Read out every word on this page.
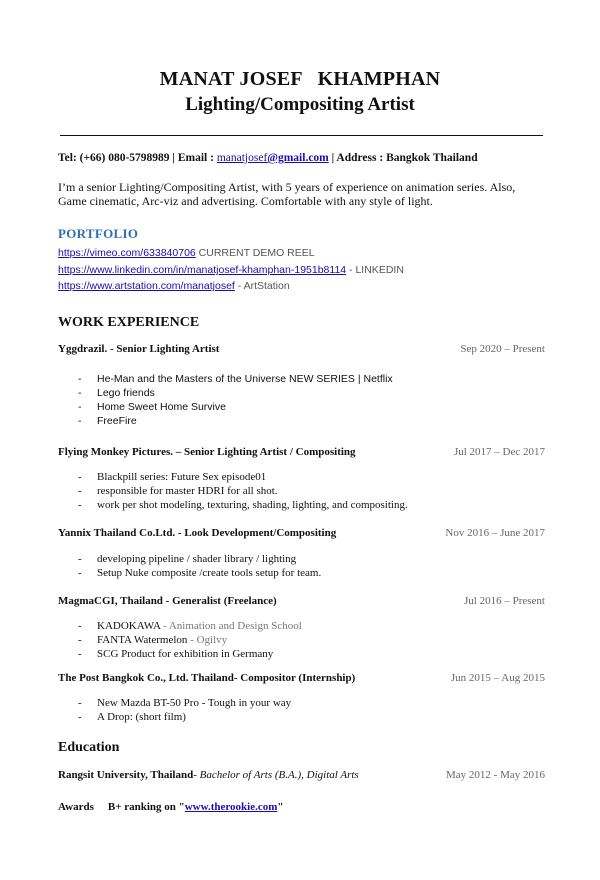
MANAT JOSEF   KHAMPHAN
Lighting/Compositing Artist
Tel: (+66) 080-5798989 | Email : manatjosef@gmail.com | Address : Bangkok Thailand
I’m a senior Lighting/Compositing Artist, with 5 years of experience on animation series. Also, Game cinematic, Arc-viz and advertising. Comfortable with any style of light.
PORTFOLIO
https://vimeo.com/633840706 CURRENT DEMO REEL
https://www.linkedin.com/in/manatjosef-khamphan-1951b8114 - LINKEDIN
https://www.artstation.com/manatjosef - ArtStation
WORK EXPERIENCE
Yggdrazil. - Senior Lighting Artist	Sep 2020 – Present
- He-Man and the Masters of the Universe NEW SERIES | Netflix
- Lego friends
- Home Sweet Home Survive
- FreeFire
Flying Monkey Pictures. – Senior Lighting Artist / Compositing	Jul 2017 – Dec 2017
- Blackpill series: Future Sex episode01
- responsible for master HDRI for all shot.
- work per shot modeling, texturing, shading, lighting, and compositing.
Yannix Thailand Co.Ltd. - Look Development/Compositing	Nov 2016 – June 2017
- developing pipeline / shader library / lighting
- Setup Nuke composite /create tools setup for team.
MagmaCGI, Thailand - Generalist (Freelance)	Jul 2016 – Present
- KADOKAWA - Animation and Design School
- FANTA Watermelon - Ogilvy
- SCG Product for exhibition in Germany
The Post Bangkok Co., Ltd. Thailand- Compositor (Internship)	Jun 2015 – Aug 2015
- New Mazda BT-50 Pro - Tough in your way
- A Drop: (short film)
Education
Rangsit University, Thailand- Bachelor of Arts (B.A.), Digital Arts	May 2012 - May 2016
Awards B+ ranking on "www.therookie.com"
